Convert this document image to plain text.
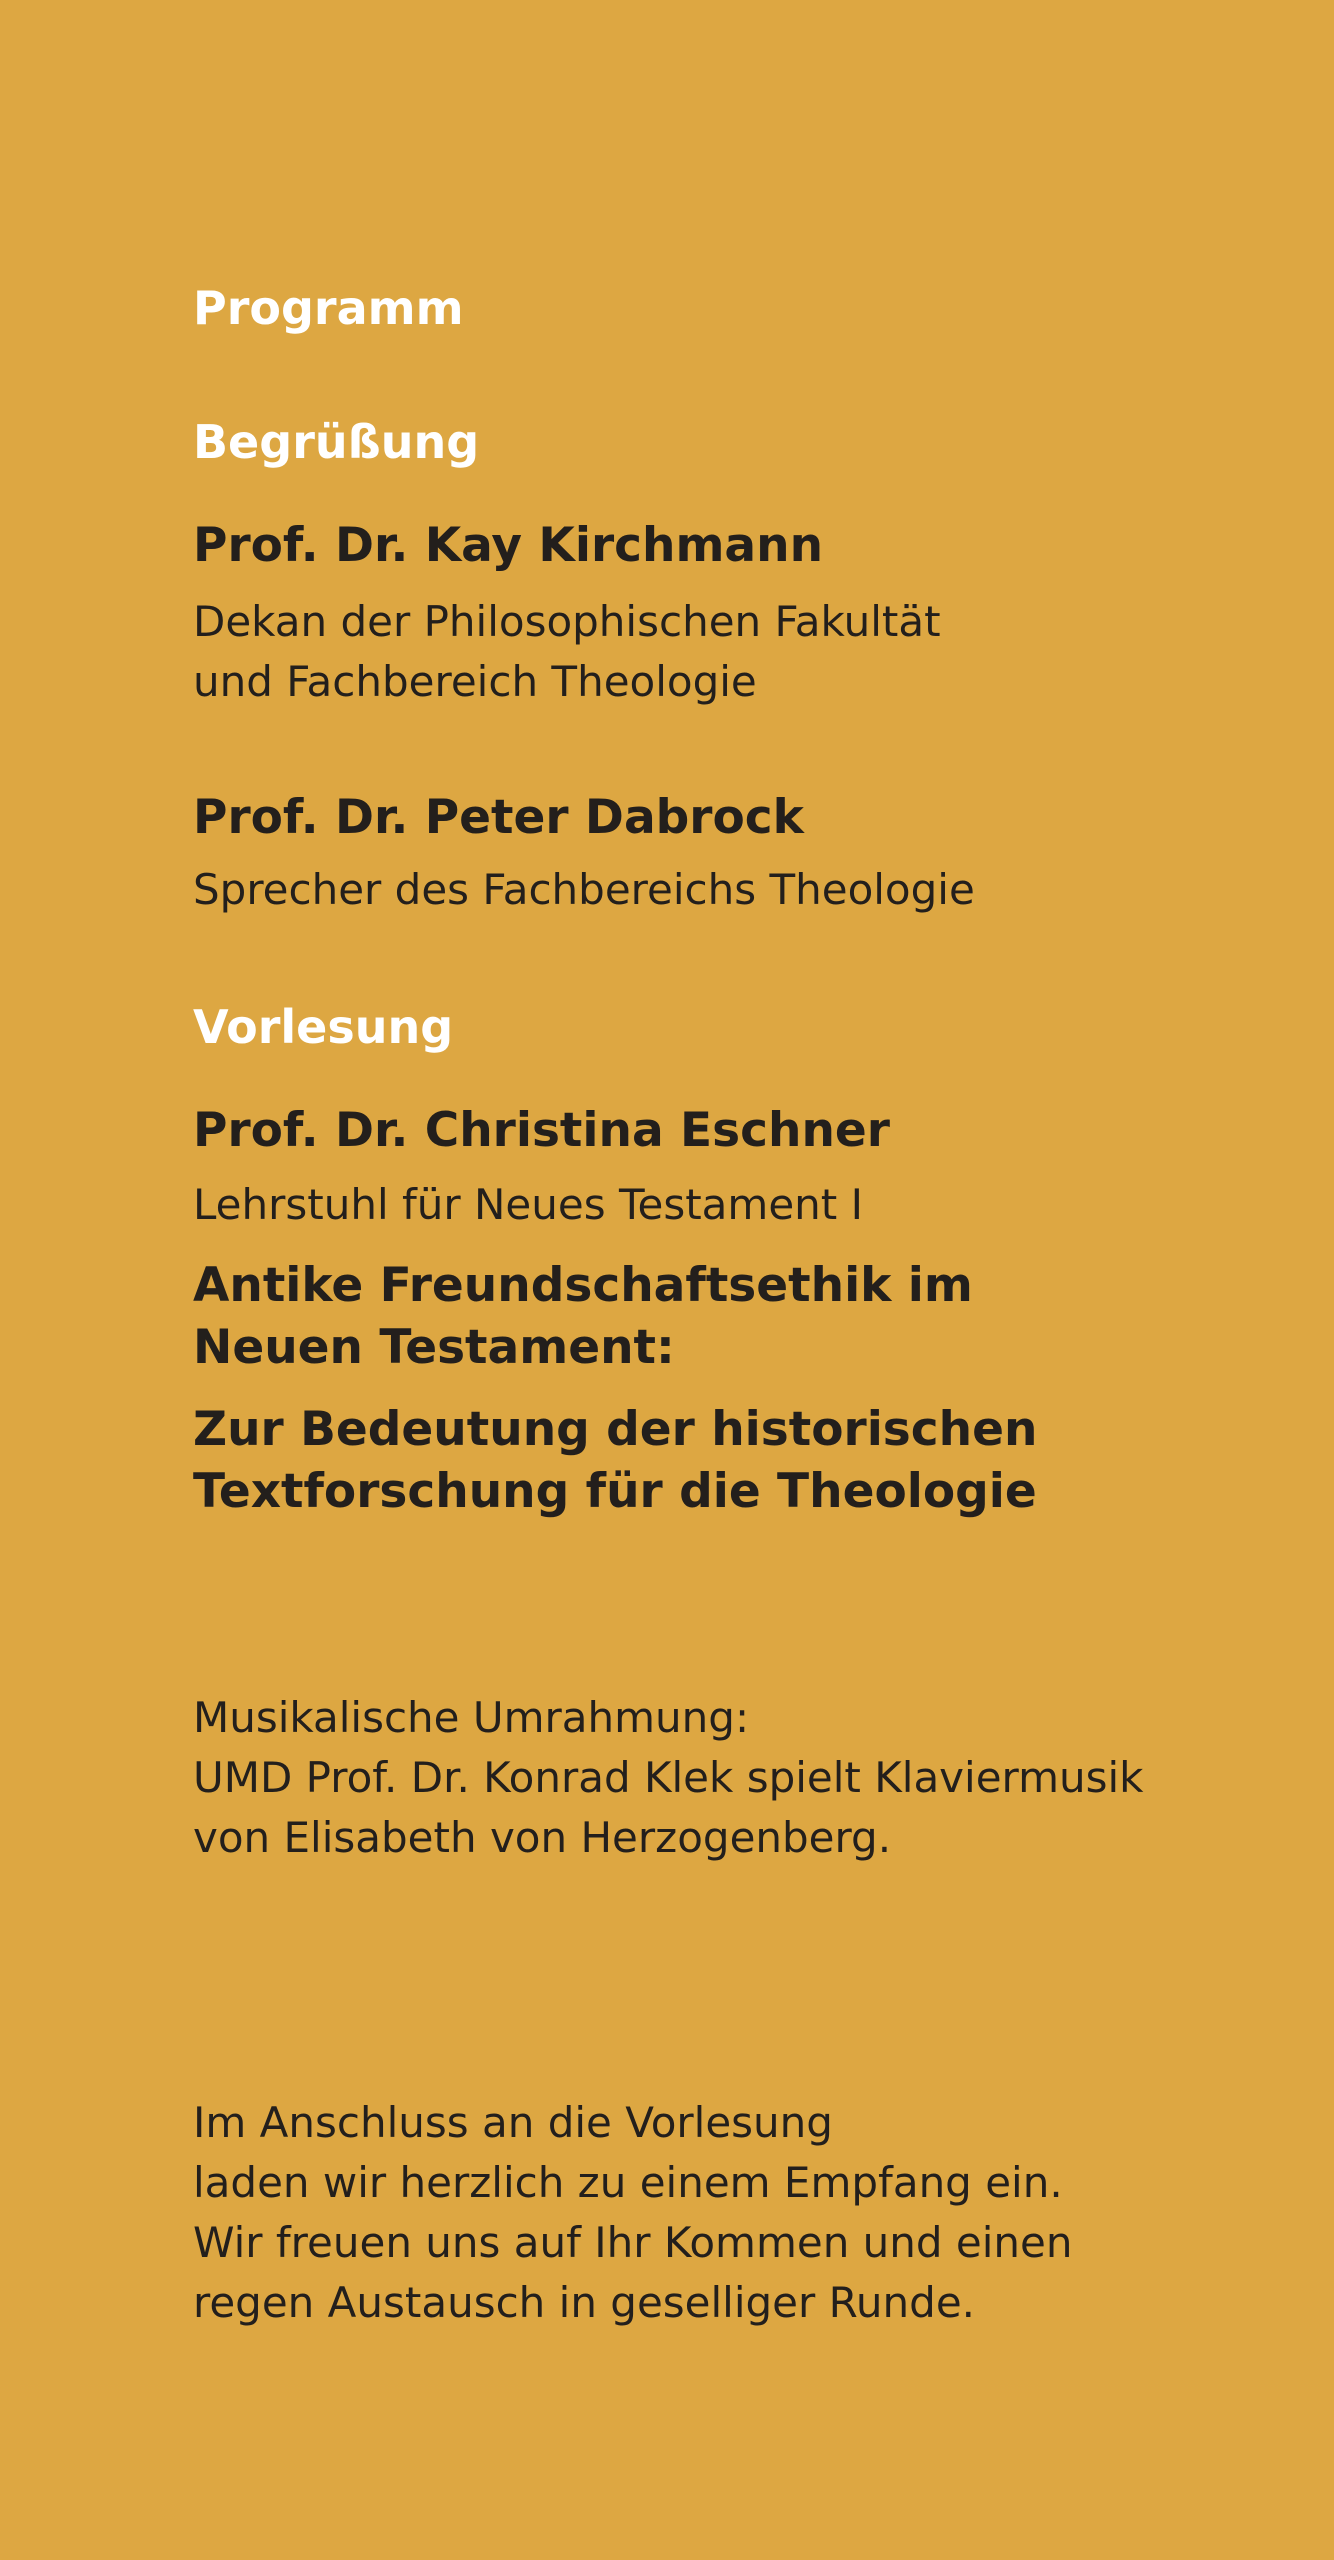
Programm
Begrüßung
Prof. Dr. Kay Kirchmann
Dekan der Philosophischen Fakultät
und Fachbereich Theologie
Prof. Dr. Peter Dabrock
Sprecher des Fachbereichs Theologie
Vorlesung
Prof. Dr. Christina Eschner
Lehrstuhl für Neues Testament I
Antike Freundschaftsethik im
Neuen Testament:
Zur Bedeutung der historischen
Textforschung für die Theologie
Musikalische Umrahmung:
UMD Prof. Dr. Konrad Klek spielt Klaviermusik
von Elisabeth von Herzogenberg.
Im Anschluss an die Vorlesung
laden wir herzlich zu einem Empfang ein.
Wir freuen uns auf Ihr Kommen und einen
regen Austausch in geselliger Runde.
